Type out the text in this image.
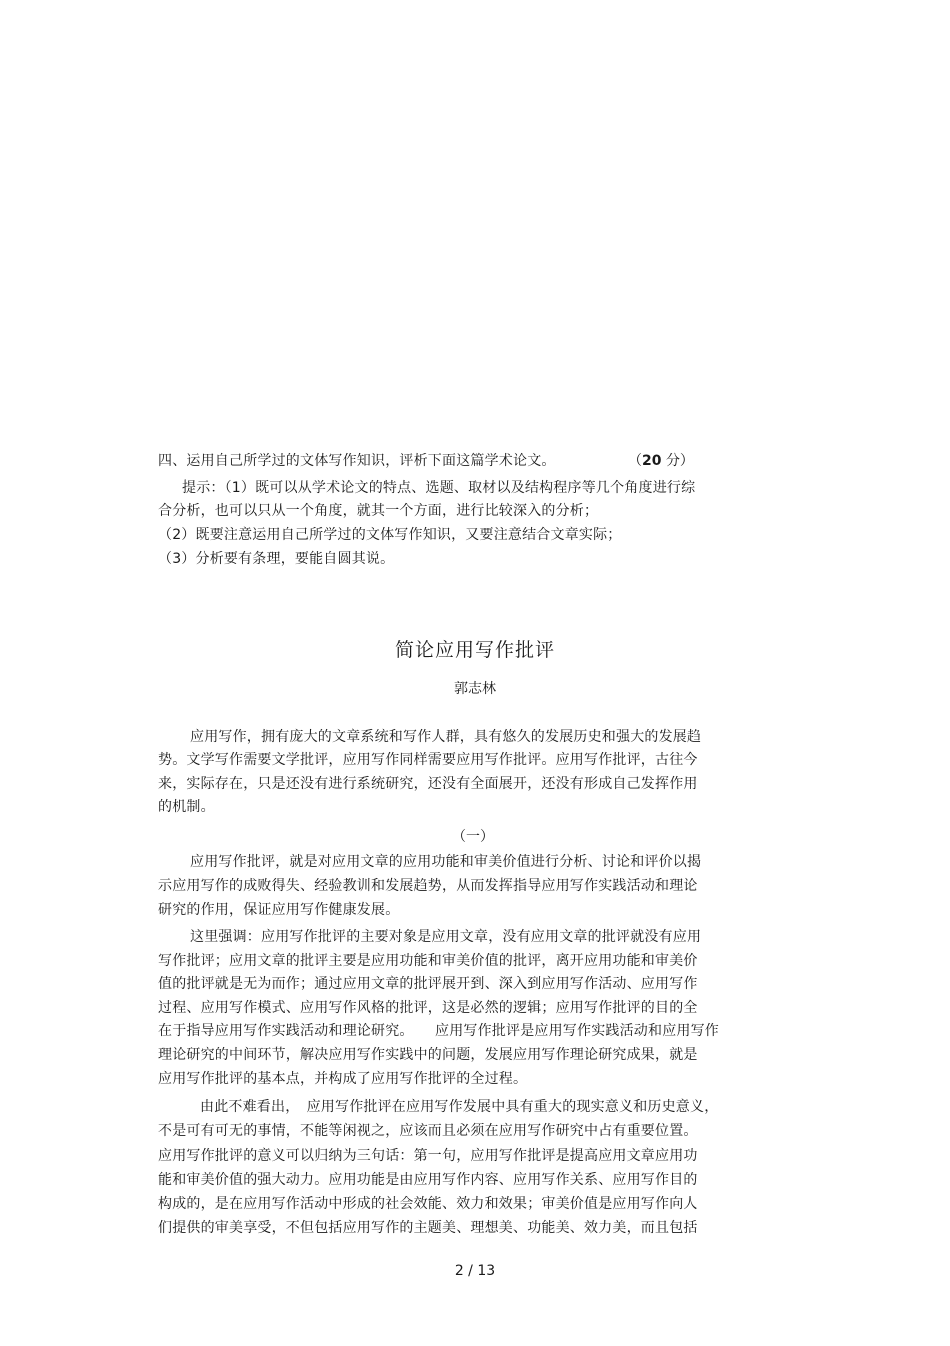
四、运用自己所学过的文体写作知识，评析下面这篇学术论文。	（20 分）
提示：（1）既可以从学术论文的特点、选题、取材以及结构程序等几个角度进行综
合分析，也可以只从一个角度，就其一个方面，进行比较深入的分析；
（2）既要注意运用自己所学过的文体写作知识，又要注意结合文章实际；
（3）分析要有条理，要能自圆其说。
简论应用写作批评
郭志林
应用写作，拥有庞大的文章系统和写作人群，具有悠久的发展历史和强大的发展趋
势。文学写作需要文学批评，应用写作同样需要应用写作批评。应用写作批评，古往今
来，实际存在，只是还没有进行系统研究，还没有全面展开，还没有形成自己发挥作用
的机制。
（一）
应用写作批评，就是对应用文章的应用功能和审美价值进行分析、讨论和评价以揭
示应用写作的成败得失、经验教训和发展趋势，从而发挥指导应用写作实践活动和理论
研究的作用，保证应用写作健康发展。
这里强调：应用写作批评的主要对象是应用文章，没有应用文章的批评就没有应用
写作批评；应用文章的批评主要是应用功能和审美价值的批评，离开应用功能和审美价
值的批评就是无为而作；通过应用文章的批评展开到、深入到应用写作活动、应用写作
过程、应用写作模式、应用写作风格的批评，这是必然的逻辑；应用写作批评的目的全
在于指导应用写作实践活动和理论研究。　　应用写作批评是应用写作实践活动和应用写作
理论研究的中间环节，解决应用写作实践中的问题，发展应用写作理论研究成果，就是
应用写作批评的基本点，并构成了应用写作批评的全过程。
由此不难看出，　应用写作批评在应用写作发展中具有重大的现实意义和历史意义，
不是可有可无的事情，不能等闲视之，应该而且必须在应用写作研究中占有重要位置。
应用写作批评的意义可以归纳为三句话：第一句，应用写作批评是提高应用文章应用功
能和审美价值的强大动力。应用功能是由应用写作内容、应用写作关系、应用写作目的
构成的，是在应用写作活动中形成的社会效能、效力和效果；审美价值是应用写作向人
们提供的审美享受，不但包括应用写作的主题美、理想美、功能美、效力美，而且包括
2 / 13
